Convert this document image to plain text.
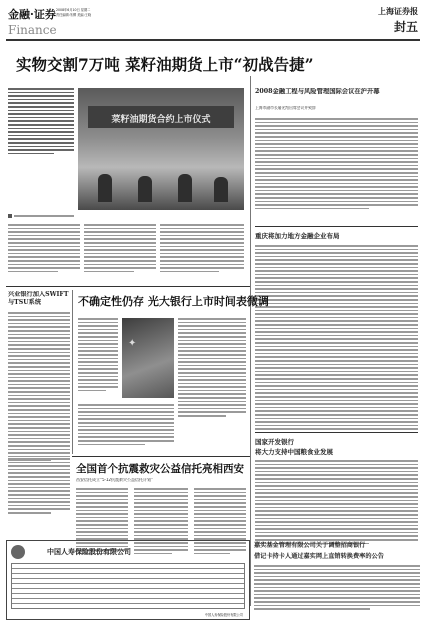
金融·证券
Finance
2008年6月10日 星期二
责任编辑:朱柳 美编:王晓	上海证券报
封五
实物交割7万吨 菜籽油期货上市“初战告捷”
菜籽油期货合约上市仪式
2008金融工程与风险管理国际会议在沪开幕
上海市副市长屠光绍出席会议并致辞
重庆将加力地方金融企业布局
国家开发银行
将大力支持中国粮食业发展
兴业银行加入SWIFT与TSU系统	不确定性仍存 光大银行上市时间表微调
✦
全国首个抗震救灾公益信托亮相西安
西安信托成立“5·12抗震救灾公益信托计划”
中国人寿保险股份有限公司
中国人寿保险股份有限公司
嘉实基金管理有限公司关于调整招商银行
借记卡持卡人通过嘉实网上直销转换费率的公告
